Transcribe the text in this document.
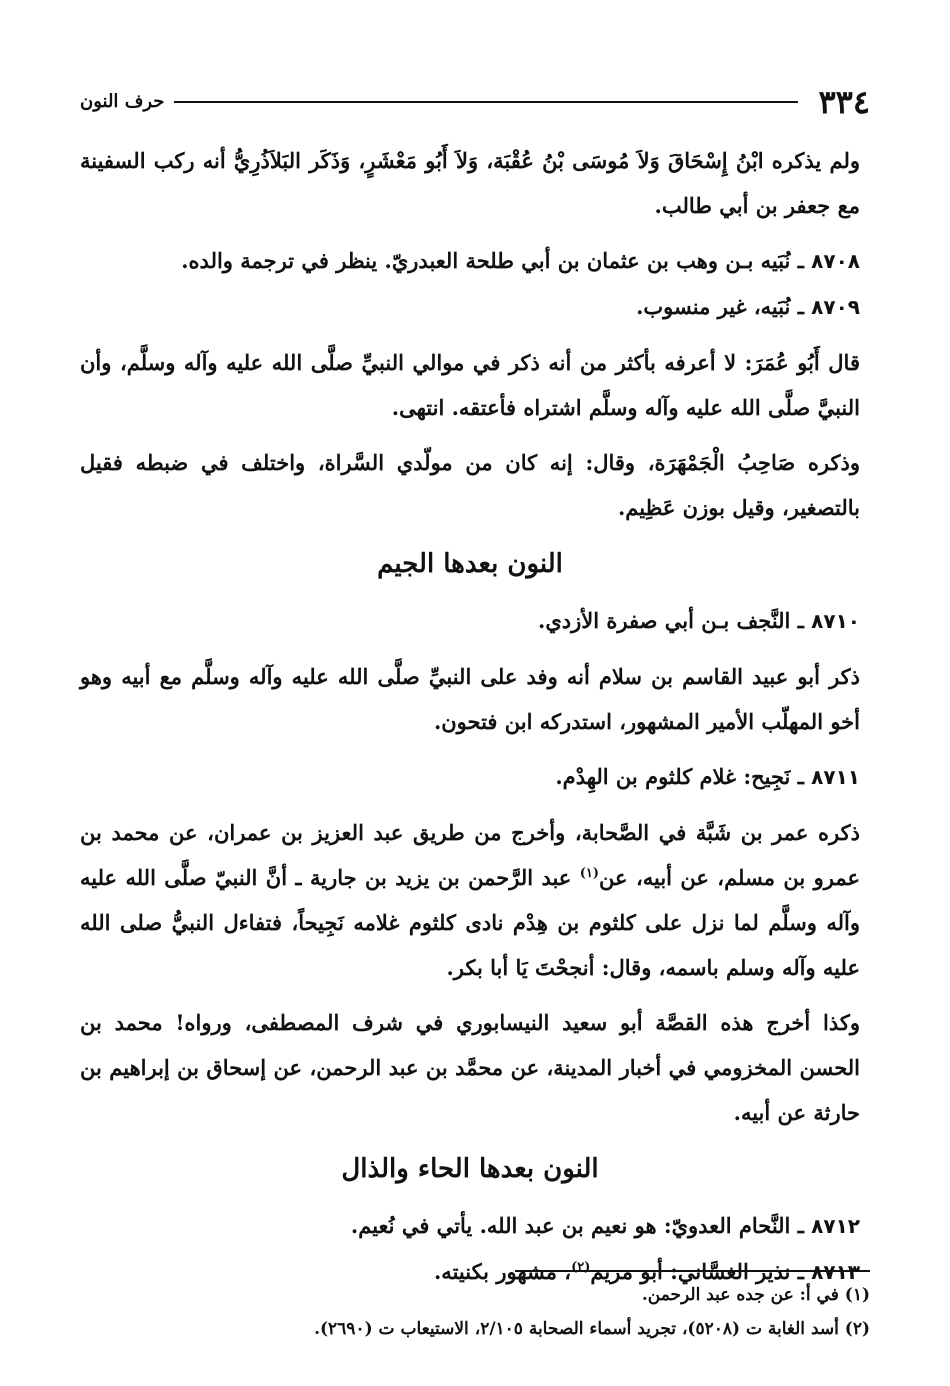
٣٣٤
حرف النون

ولم يذكره ابْنُ إِسْحَاقَ وَلاَ مُوسَى بْنُ عُقْبَة، وَلاَ أَبُو مَعْشَرٍ، وَذَكَر البَلاَذُرِيُّ أنه ركب السفينة مع جعفر بن أبي طالب.

٨٧٠٨ ـ نُبَيه بـن وهب بن عثمان بن أبي طلحة العبدريّ. ينظر في ترجمة والده.

٨٧٠٩ ـ نُبَيه، غير منسوب.

قال أَبُو عُمَرَ: لا أعرفه بأكثر من أنه ذكر في موالي النبيِّ صلَّى الله عليه وآله وسلَّم، وأن النبيَّ صلَّى الله عليه وآله وسلَّم اشتراه فأعتقه. انتهى.

وذكره صَاحِبُ الْجَمْهَرَة، وقال: إنه كان من مولّدي السَّراة، واختلف في ضبطه فقيل بالتصغير، وقيل بوزن عَظِيم.

النون بعدها الجيم

٨٧١٠ ـ النَّجف بـن أبي صفرة الأزدي.

ذكر أبو عبيد القاسم بن سلام أنه وفد على النبيِّ صلَّى الله عليه وآله وسلَّم مع أبيه وهو أخو المهلّب الأمير المشهور، استدركه ابن فتحون.

٨٧١١ ـ نَجِيح: غلام كلثوم بن الهِدْم.

ذكره عمر بن شَبَّة في الصَّحابة، وأخرج من طريق عبد العزيز بن عمران، عن محمد بن عمرو بن مسلم، عن أبيه، عن$^{(١)}$ عبد الرَّحمن بن يزيد بن جارية ـ أنَّ النبيّ صلَّى الله عليه وآله وسلَّم لما نزل على كلثوم بن هِدْم نادى كلثوم غلامه نَجِيحاً، فتفاءل النبيُّ صلى الله عليه وآله وسلم باسمه، وقال: أنجحْتَ يَا أبا بكر.

وكذا أخرج هذه القصَّة أبو سعيد النيسابوري في شرف المصطفى، ورواه! محمد بن الحسن المخزومي في أخبار المدينة، عن محمَّد بن عبد الرحمن، عن إسحاق بن إبراهيم بن حارثة عن أبيه.

النون بعدها الحاء والذال

٨٧١٢ ـ النَّحام العدويّ: هو نعيم بن عبد الله. يأتي في نُعيم.

٨٧١٣ ـ نذير الغسَّاني: أبو مريم$^{(٢)}$، مشهور بكنيته.

(١) في أ: عن جده عبد الرحمن.

(٢) أسد الغابة ت (٥٢٠٨)، تجريد أسماء الصحابة ٢/١٠٥، الاستيعاب ت (٢٦٩٠).
